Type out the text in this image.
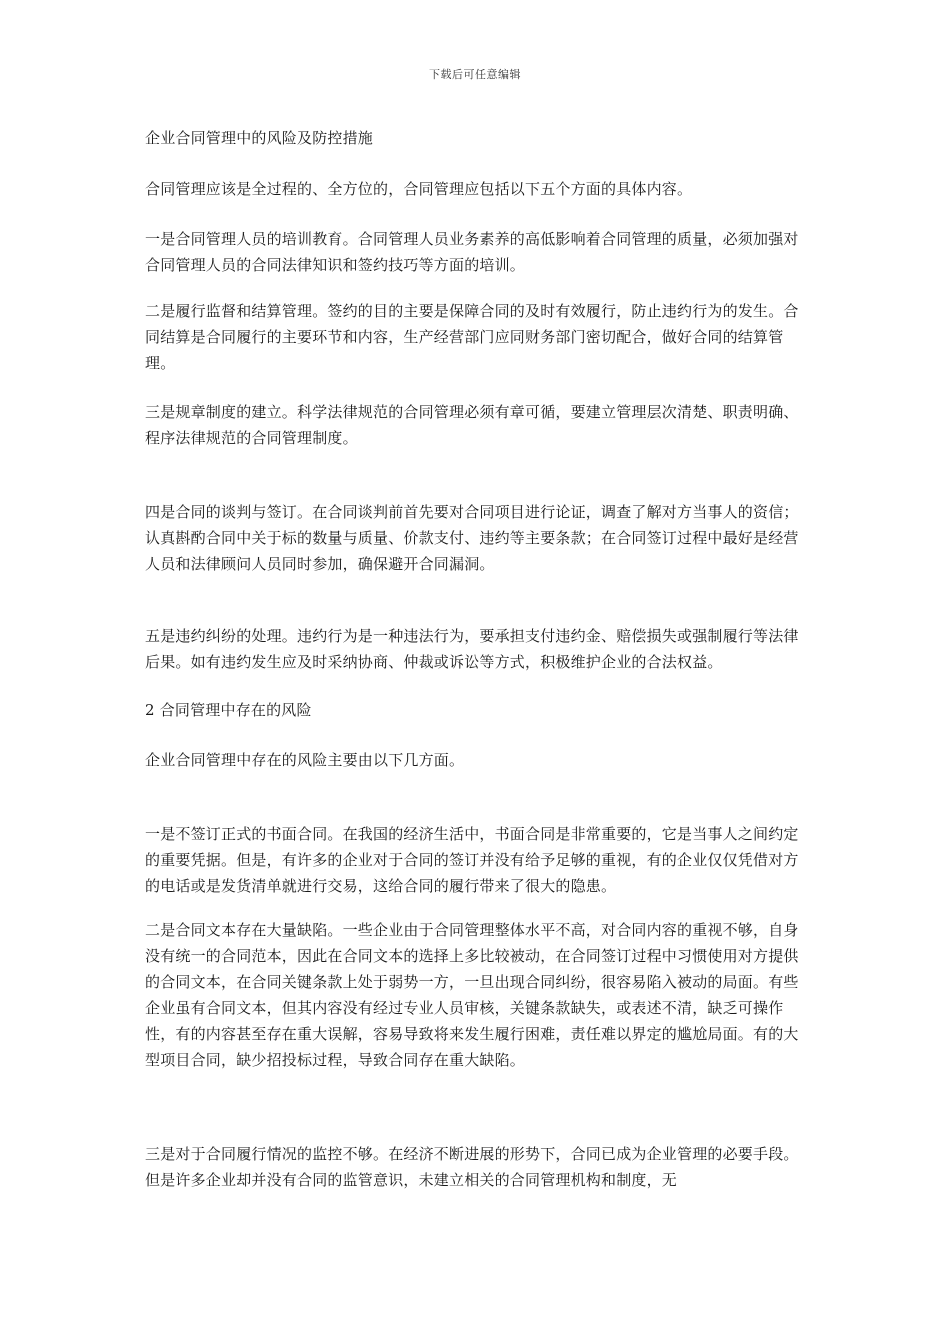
下载后可任意编辑

企业合同管理中的风险及防控措施

合同管理应该是全过程的、全方位的，合同管理应包括以下五个方面的具体内容。

一是合同管理人员的培训教育。合同管理人员业务素养的高低影响着合同管理的质量，必须加强对合同管理人员的合同法律知识和签约技巧等方面的培训。

二是履行监督和结算管理。签约的目的主要是保障合同的及时有效履行，防止违约行为的发生。合同结算是合同履行的主要环节和内容，生产经营部门应同财务部门密切配合，做好合同的结算管理。

三是规章制度的建立。科学法律规范的合同管理必须有章可循，要建立管理层次清楚、职责明确、程序法律规范的合同管理制度。

四是合同的谈判与签订。在合同谈判前首先要对合同项目进行论证，调查了解对方当事人的资信；认真斟酌合同中关于标的数量与质量、价款支付、违约等主要条款；在合同签订过程中最好是经营人员和法律顾问人员同时参加，确保避开合同漏洞。

五是违约纠纷的处理。违约行为是一种违法行为，要承担支付违约金、赔偿损失或强制履行等法律后果。如有违约发生应及时采纳协商、仲裁或诉讼等方式，积极维护企业的合法权益。

2 合同管理中存在的风险

企业合同管理中存在的风险主要由以下几方面。

一是不签订正式的书面合同。在我国的经济生活中，书面合同是非常重要的，它是当事人之间约定的重要凭据。但是，有许多的企业对于合同的签订并没有给予足够的重视，有的企业仅仅凭借对方的电话或是发货清单就进行交易，这给合同的履行带来了很大的隐患。

二是合同文本存在大量缺陷。一些企业由于合同管理整体水平不高，对合同内容的重视不够，自身没有统一的合同范本，因此在合同文本的选择上多比较被动，在合同签订过程中习惯使用对方提供的合同文本，在合同关键条款上处于弱势一方，一旦出现合同纠纷，很容易陷入被动的局面。有些企业虽有合同文本，但其内容没有经过专业人员审核，关键条款缺失，或表述不清，缺乏可操作性，有的内容甚至存在重大误解，容易导致将来发生履行困难，责任难以界定的尴尬局面。有的大型项目合同，缺少招投标过程，导致合同存在重大缺陷。

三是对于合同履行情况的监控不够。在经济不断进展的形势下，合同已成为企业管理的必要手段。但是许多企业却并没有合同的监管意识，未建立相关的合同管理机构和制度，无
